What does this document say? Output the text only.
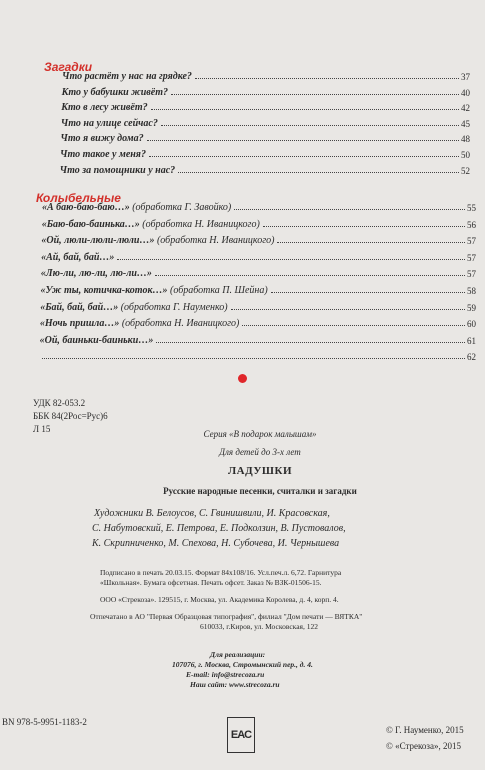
Загадки
Что растёт у нас на грядке?	37
Кто у бабушки живёт?	40
Кто в лесу живёт?	42
Что на улице сейчас?	45
Что я вижу дома?	48
Что такое у меня?	50
Что за помощники у нас?	52
Колыбельные
«А баю-баю-баю…» (обработка Г. Завойко)	55
«Баю-баю-баинька…» (обработка Н. Иваницкого)	56
«Ой, люли-люли-люли…» (обработка Н. Иваницкого)	57
«Ай, бай, бай…»	57
«Лю-ли, лю-ли, лю-ли…»	57
«Уж ты, котичка-коток…» (обработка П. Шейна)	58
«Бай, бай, бай…» (обработка Г. Науменко)	59
«Ночь пришла…» (обработка Н. Иваницкого)	60
«Ой, баиньки-баиньки…»	61
62
УДК 82-053.2
ББК 84(2Рос=Рус)6
Л 15	Серия «В подарок малышам»
Для детей до 3-х лет
ЛАДУШКИ
Русские народные песенки, считалки и загадки
Художники В. Белоусов, С. Гвинишвили, И. Красовская,
С. Набутовский, Е. Петрова, Е. Подколзин, В. Пустовалов,
К. Скрипниченко, М. Спехова, Н. Субочева, И. Чернышева
Подписано в печать 20.03.15. Формат 84x108/16. Усл.печ.л. 6,72. Гарнитура
«Школьная». Бумага офсетная. Печать офсет. Заказ № ВЗК-01506-15.
ООО «Стрекоза». 129515, г. Москва, ул. Академика Королева, д. 4, корп. 4.
Отпечатано в АО "Первая Образцовая типография", филиал "Дом печати — ВЯТКА"
610033, г.Киров, ул. Московская, 122
Для реализации:
107076, г. Москва, Стромынский пер., д. 4.
E-mail: info@strecoza.ru
Наш сайт: www.strecoza.ru
BN 978-5-9951-1183-2
EAC	© Г. Науменко, 2015
© «Стрекоза», 2015
